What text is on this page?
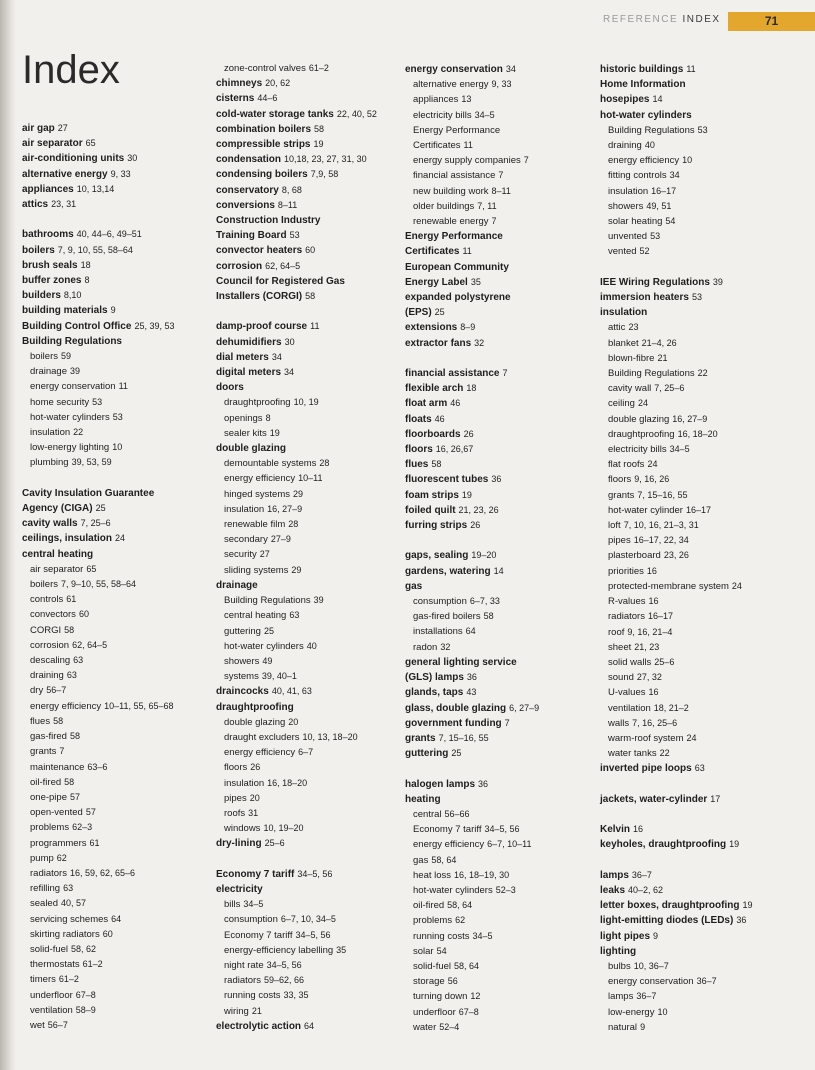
REFERENCE INDEX	71
Index
air gap 27
air separator 65
air-conditioning units 30
alternative energy 9, 33
appliances 10, 13,14
attics 23, 31
bathrooms 40, 44–6, 49–51
boilers 7, 9, 10, 55, 58–64
brush seals 18
buffer zones 8
builders 8,10
building materials 9
Building Control Office 25, 39, 53
Building Regulations
boilers 59
drainage 39
energy conservation 11
home security 53
hot-water cylinders 53
insulation 22
low-energy lighting 10
plumbing 39, 53, 59
Cavity Insulation Guarantee
Agency (CIGA) 25
cavity walls 7, 25–6
ceilings, insulation 24
central heating
air separator 65
boilers 7, 9–10, 55, 58–64
controls 61
convectors 60
CORGI 58
corrosion 62, 64–5
descaling 63
draining 63
dry 56–7
energy efficiency 10–11, 55, 65–68
flues 58
gas-fired 58
grants 7
maintenance 63–6
oil-fired 58
one-pipe 57
open-vented 57
problems 62–3
programmers 61
pump 62
radiators 16, 59, 62, 65–6
refilling 63
sealed 40, 57
servicing schemes 64
skirting radiators 60
solid-fuel 58, 62
thermostats 61–2
timers 61–2
underfloor 67–8
ventilation 58–9
wet 56–7
zone-control valves 61–2
chimneys 20, 62
cisterns 44–6
cold-water storage tanks 22, 40, 52
combination boilers 58
compressible strips 19
condensation 10,18, 23, 27, 31, 30
condensing boilers 7,9, 58
conservatory 8, 68
conversions 8–11
Construction Industry
Training Board 53
convector heaters 60
corrosion 62, 64–5
Council for Registered Gas
Installers (CORGI) 58
damp-proof course 11
dehumidifiers 30
dial meters 34
digital meters 34
doors
draughtproofing 10, 19
openings 8
sealer kits 19
double glazing
demountable systems 28
energy efficiency 10–11
hinged systems 29
insulation 16, 27–9
renewable film 28
secondary 27–9
security 27
sliding systems 29
drainage
Building Regulations 39
central heating 63
guttering 25
hot-water cylinders 40
showers 49
systems 39, 40–1
draincocks 40, 41, 63
draughtproofing
double glazing 20
draught excluders 10, 13, 18–20
energy efficiency 6–7
floors 26
insulation 16, 18–20
pipes 20
roofs 31
windows 10, 19–20
dry-lining 25–6
Economy 7 tariff 34–5, 56
electricity
bills 34–5
consumption 6–7, 10, 34–5
Economy 7 tariff 34–5, 56
energy-efficiency labelling 35
night rate 34–5, 56
radiators 59–62, 66
running costs 33, 35
wiring 21
electrolytic action 64
energy conservation 34
alternative energy 9, 33
appliances 13
electricity bills 34–5
Energy Performance
Certificates 11
energy supply companies 7
financial assistance 7
new building work 8–11
older buildings 7, 11
renewable energy 7
Energy Performance
Certificates 11
European Community
Energy Label 35
expanded polystyrene
(EPS) 25
extensions 8–9
extractor fans 32
financial assistance 7
flexible arch 18
float arm 46
floats 46
floorboards 26
floors 16, 26,67
flues 58
fluorescent tubes 36
foam strips 19
foiled quilt 21, 23, 26
furring strips 26
gaps, sealing 19–20
gardens, watering 14
gas
consumption 6–7, 33
gas-fired boilers 58
installations 64
radon 32
general lighting service
(GLS) lamps 36
glands, taps 43
glass, double glazing 6, 27–9
government funding 7
grants 7, 15–16, 55
guttering 25
halogen lamps 36
heating
central 56–66
Economy 7 tariff 34–5, 56
energy efficiency 6–7, 10–11
gas 58, 64
heat loss 16, 18–19, 30
hot-water cylinders 52–3
oil-fired 58, 64
problems 62
running costs 34–5
solar 54
solid-fuel 58, 64
storage 56
turning down 12
underfloor 67–8
water 52–4
historic buildings 11
Home Information
hosepipes 14
hot-water cylinders
Building Regulations 53
draining 40
energy efficiency 10
fitting controls 34
insulation 16–17
showers 49, 51
solar heating 54
unvented 53
vented 52
IEE Wiring Regulations 39
immersion heaters 53
insulation
attic 23
blanket 21–4, 26
blown-fibre 21
Building Regulations 22
cavity wall 7, 25–6
ceiling 24
double glazing 16, 27–9
draughtproofing 16, 18–20
electricity bills 34–5
flat roofs 24
floors 9, 16, 26
grants 7, 15–16, 55
hot-water cylinder 16–17
loft 7, 10, 16, 21–3, 31
pipes 16–17, 22, 34
plasterboard 23, 26
priorities 16
protected-membrane system 24
R-values 16
radiators 16–17
roof 9, 16, 21–4
sheet 21, 23
solid walls 25–6
sound 27, 32
U-values 16
ventilation 18, 21–2
walls 7, 16, 25–6
warm-roof system 24
water tanks 22
inverted pipe loops 63
jackets, water-cylinder 17
Kelvin 16
keyholes, draughtproofing 19
lamps 36–7
leaks 40–2, 62
letter boxes, draughtproofing 19
light-emitting diodes (LEDs) 36
light pipes 9
lighting
bulbs 10, 36–7
energy conservation 36–7
lamps 36–7
low-energy 10
natural 9
